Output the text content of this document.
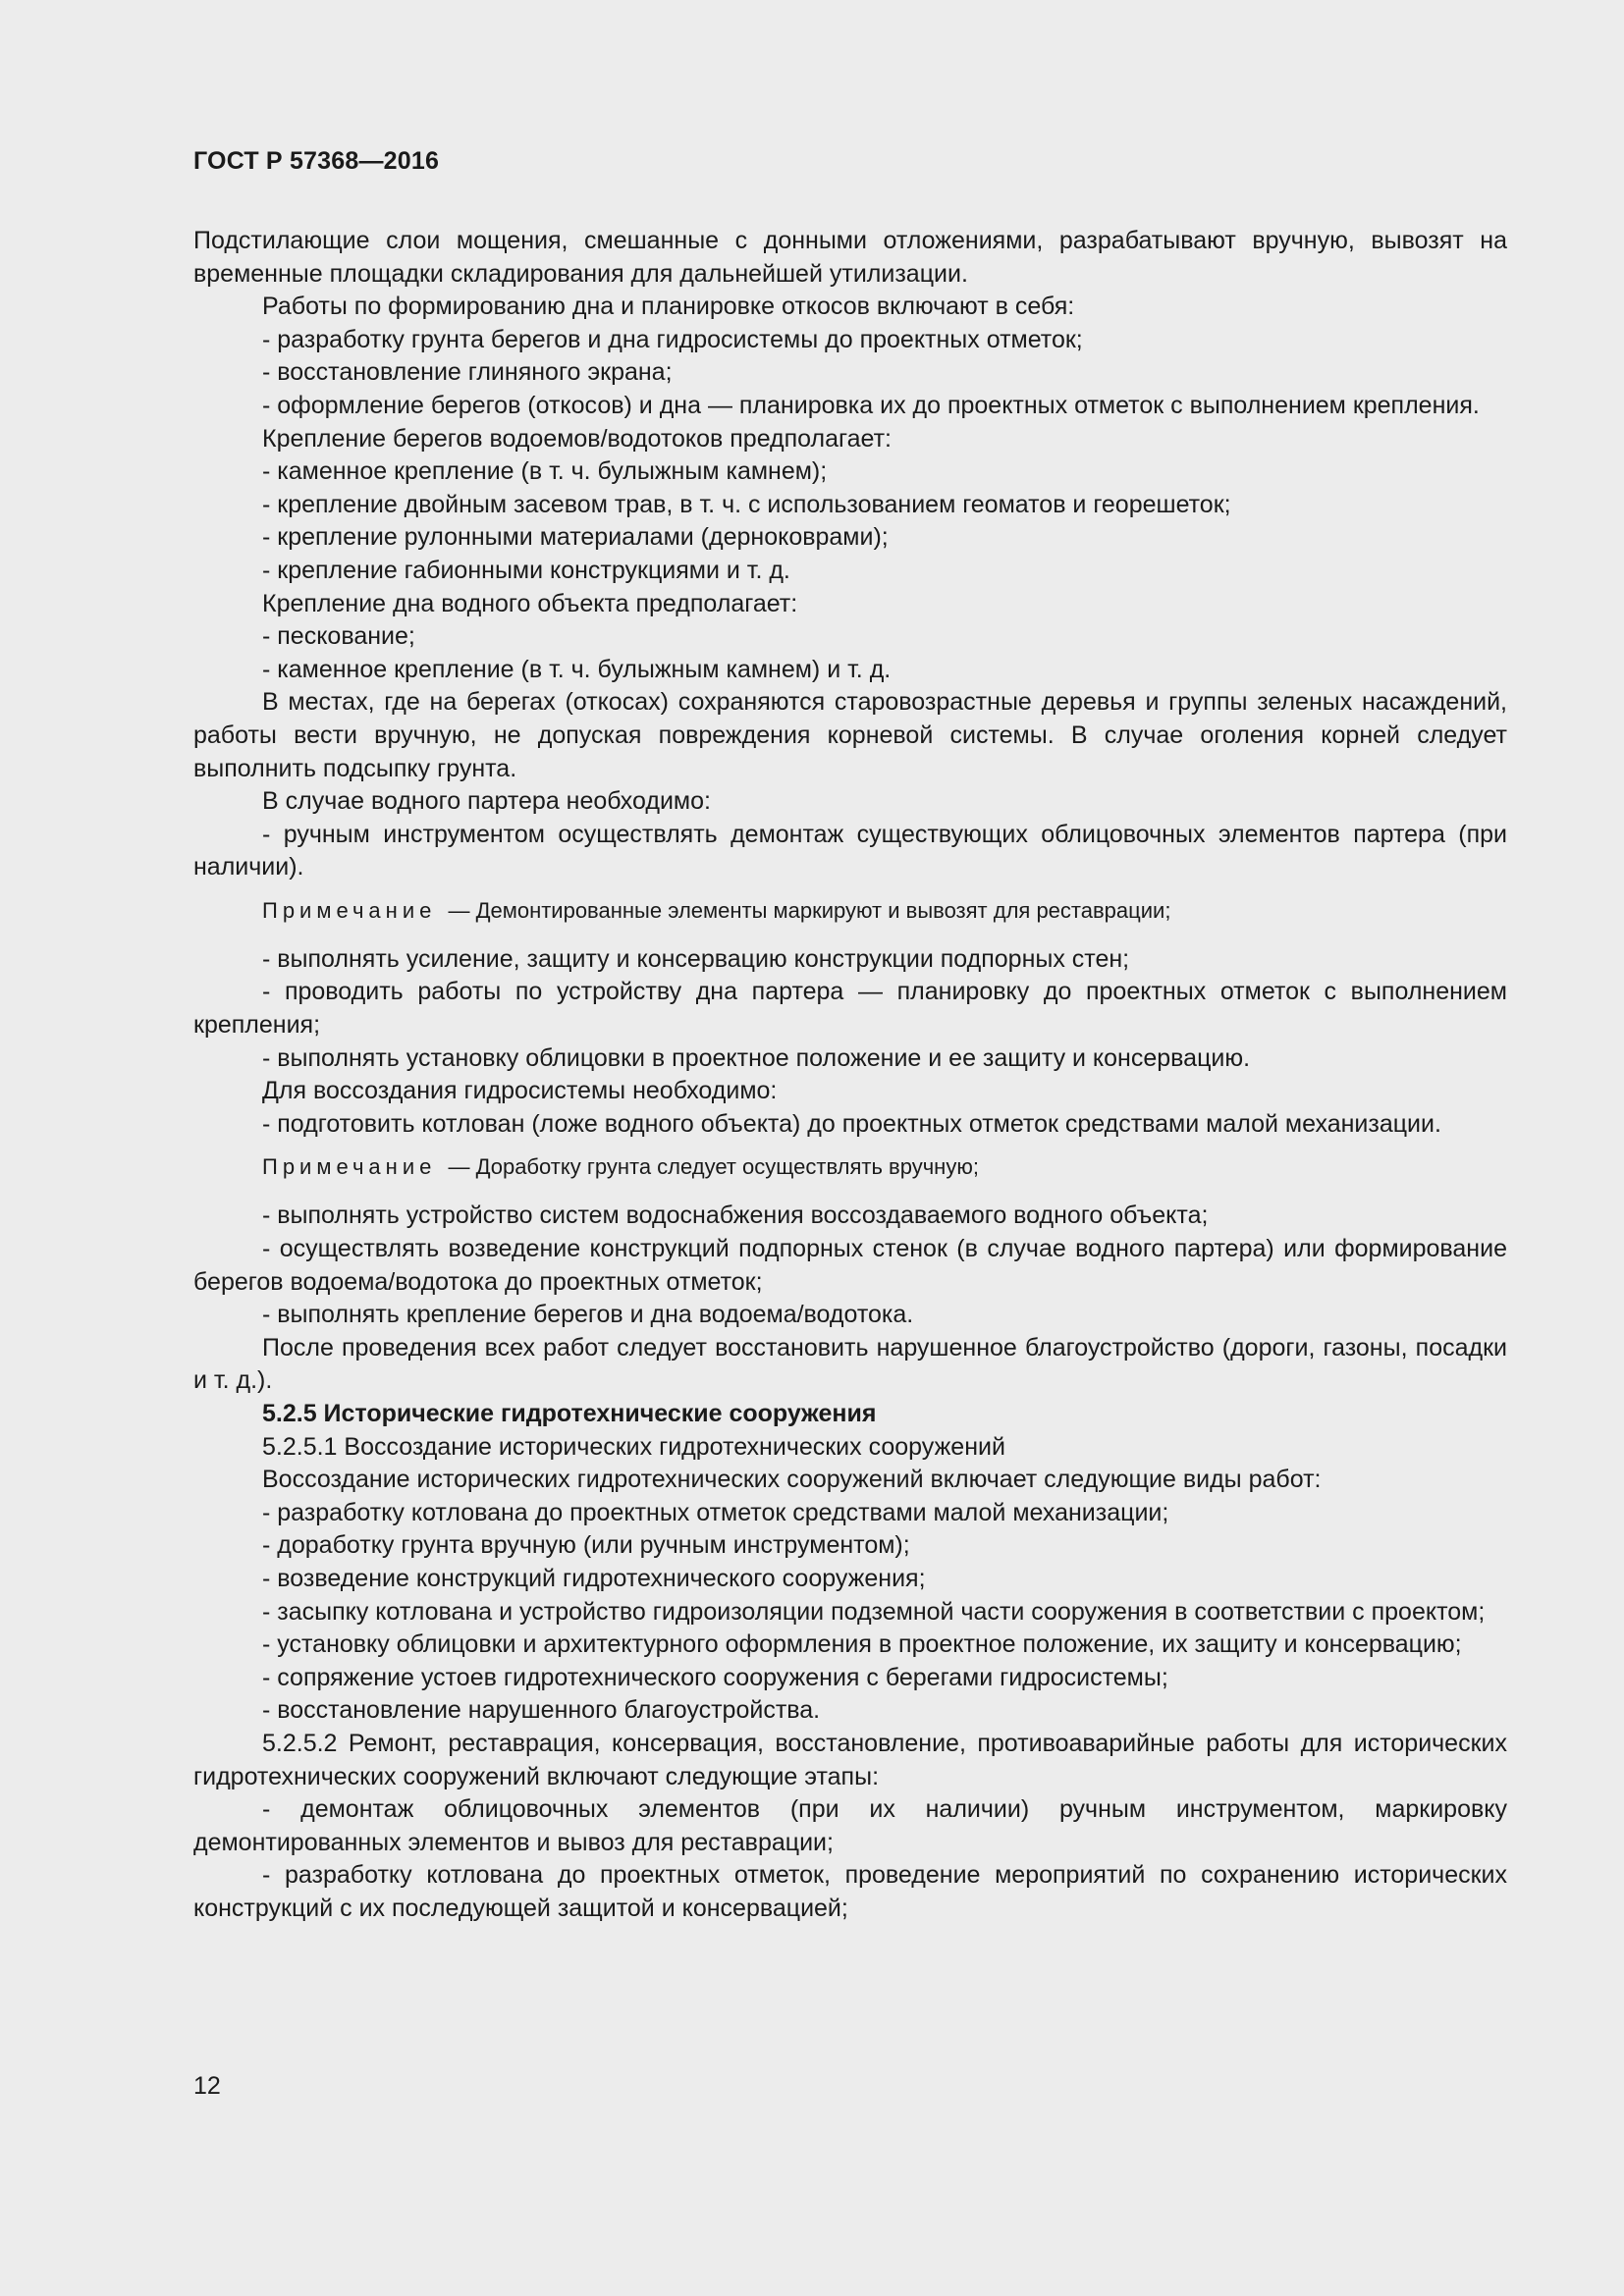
ГОСТ Р 57368—2016

Подстилающие слои мощения, смешанные с донными отложениями, разрабатывают вручную, вывозят на временные площадки складирования для дальнейшей утилизации.

Работы по формированию дна и планировке откосов включают в себя:

- разработку грунта берегов и дна гидросистемы до проектных отметок;

- восстановление глиняного экрана;

- оформление берегов (откосов) и дна — планировка их до проектных отметок с выполнением крепления.

Крепление берегов водоемов/водотоков предполагает:

- каменное крепление (в т. ч. булыжным камнем);

- крепление двойным засевом трав, в т. ч. с использованием геоматов и георешеток;

- крепление рулонными материалами (дерноковрами);

- крепление габионными конструкциями и т. д.

Крепление дна водного объекта предполагает:

- пескование;

- каменное крепление (в т. ч. булыжным камнем) и т. д.

В местах, где на берегах (откосах) сохраняются старовозрастные деревья и группы зеленых насаждений, работы вести вручную, не допуская повреждения корневой системы. В случае оголения корней следует выполнить подсыпку грунта.

В случае водного партера необходимо:

- ручным инструментом осуществлять демонтаж существующих облицовочных элементов партера (при наличии).

Примечание — Демонтированные элементы маркируют и вывозят для реставрации;

- выполнять усиление, защиту и консервацию конструкции подпорных стен;

- проводить работы по устройству дна партера — планировку до проектных отметок с выполнением крепления;

- выполнять установку облицовки в проектное положение и ее защиту и консервацию.

Для воссоздания гидросистемы необходимо:

- подготовить котлован (ложе водного объекта) до проектных отметок средствами малой механизации.

Примечание — Доработку грунта следует осуществлять вручную;

- выполнять устройство систем водоснабжения воссоздаваемого водного объекта;

- осуществлять возведение конструкций подпорных стенок (в случае водного партера) или формирование берегов водоема/водотока до проектных отметок;

- выполнять крепление берегов и дна водоема/водотока.

После проведения всех работ следует восстановить нарушенное благоустройство (дороги, газоны, посадки и т. д.).

5.2.5 Исторические гидротехнические сооружения

5.2.5.1 Воссоздание исторических гидротехнических сооружений

Воссоздание исторических гидротехнических сооружений включает следующие виды работ:

- разработку котлована до проектных отметок средствами малой механизации;

- доработку грунта вручную (или ручным инструментом);

- возведение конструкций гидротехнического сооружения;

- засыпку котлована и устройство гидроизоляции подземной части сооружения в соответствии с проектом;

- установку облицовки и архитектурного оформления в проектное положение, их защиту и консервацию;

- сопряжение устоев гидротехнического сооружения с берегами гидросистемы;

- восстановление нарушенного благоустройства.

5.2.5.2 Ремонт, реставрация, консервация, восстановление, противоаварийные работы для исторических гидротехнических сооружений включают следующие этапы:

- демонтаж облицовочных элементов (при их наличии) ручным инструментом, маркировку демонтированных элементов и вывоз для реставрации;

- разработку котлована до проектных отметок, проведение мероприятий по сохранению исторических конструкций с их последующей защитой и консервацией;

12
